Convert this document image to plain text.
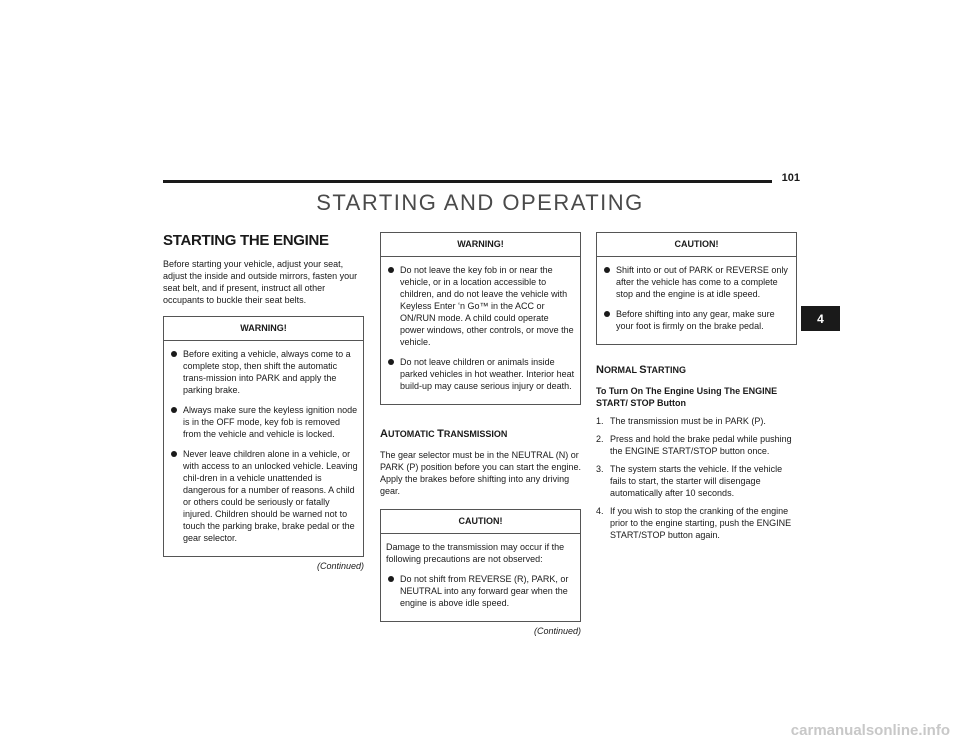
101
STARTING AND OPERATING
STARTING THE ENGINE

Before starting your vehicle, adjust your seat, adjust the inside and outside mirrors, fasten your seat belt, and if present, instruct all other occupants to buckle their seat belts.

WARNING!
Before exiting a vehicle, always come to a complete stop, then shift the automatic trans-mission into PARK and apply the parking brake.
Always make sure the keyless ignition node is in the OFF mode, key fob is removed from the vehicle and vehicle is locked.
Never leave children alone in a vehicle, or with access to an unlocked vehicle. Leaving chil-dren in a vehicle unattended is dangerous for a number of reasons. A child or others could be seriously or fatally injured. Children should be warned not to touch the parking brake, brake pedal or the gear selector.
(Continued)
WARNING!
Do not leave the key fob in or near the vehicle, or in a location accessible to children, and do not leave the vehicle with Keyless Enter ‘n Go™ in the ACC or ON/RUN mode. A child could operate power windows, other controls, or move the vehicle.
Do not leave children or animals inside parked vehicles in hot weather. Interior heat build-up may cause serious injury or death.
AUTOMATIC TRANSMISSION

The gear selector must be in the NEUTRAL (N) or PARK (P) position before you can start the engine. Apply the brakes before shifting into any driving gear.

CAUTION!
Damage to the transmission may occur if the following precautions are not observed:
Do not shift from REVERSE (R), PARK, or NEUTRAL into any forward gear when the engine is above idle speed.
(Continued)
CAUTION!
Shift into or out of PARK or REVERSE only after the vehicle has come to a complete stop and the engine is at idle speed.
Before shifting into any gear, make sure your foot is firmly on the brake pedal.
NORMAL STARTING

To Turn On The Engine Using The ENGINE START/ STOP Button

1. The transmission must be in PARK (P).
2. Press and hold the brake pedal while pushing the ENGINE START/STOP button once.
3. The system starts the vehicle. If the vehicle fails to start, the starter will disengage automatically after 10 seconds.
4. If you wish to stop the cranking of the engine prior to the engine starting, push the ENGINE START/STOP button again.
4
carmanualsonline.info
